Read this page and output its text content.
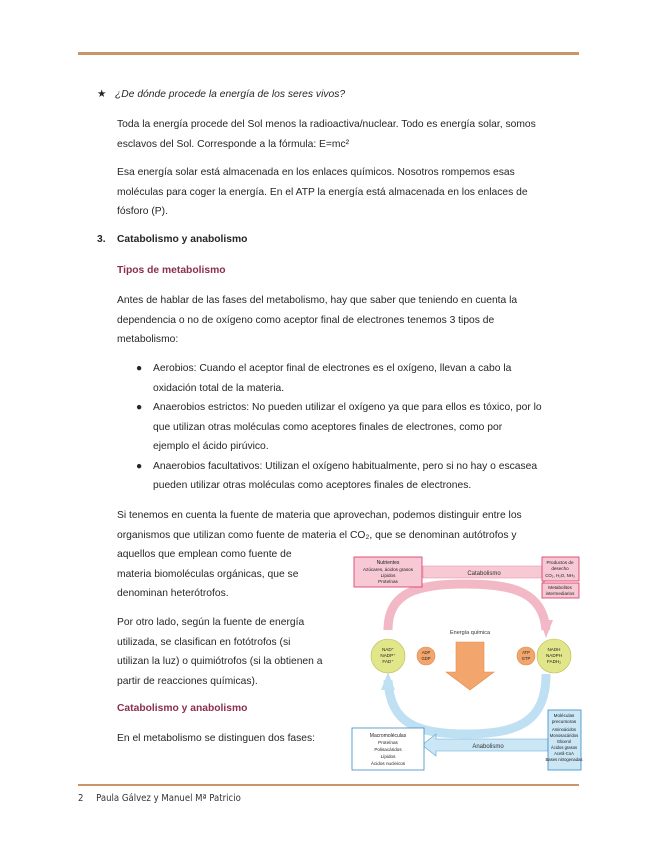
★ ¿De dónde procede la energía de los seres vivos?

Toda la energía procede del Sol menos la radioactiva/nuclear. Todo es energía solar, somos
esclavos del Sol. Corresponde a la fórmula: E=mc²

Esa energía solar está almacenada en los enlaces químicos. Nosotros rompemos esas
moléculas para coger la energía. En el ATP la energía está almacenada en los enlaces de
fósforo (P).

3. Catabolismo y anabolismo
Tipos de metabolismo

Antes de hablar de las fases del metabolismo, hay que saber que teniendo en cuenta la
dependencia o no de oxígeno como aceptor final de electrones tenemos 3 tipos de
metabolismo:

● Aerobios: Cuando el aceptor final de electrones es el oxígeno, llevan a cabo la
oxidación total de la materia.
● Anaerobios estrictos: No pueden utilizar el oxígeno ya que para ellos es tóxico, por lo
que utilizan otras moléculas como aceptores finales de electrones, como por
ejemplo el ácido pirúvico.
● Anaerobios facultativos: Utilizan el oxígeno habitualmente, pero si no hay o escasea
pueden utilizar otras moléculas como aceptores finales de electrones.

Si tenemos en cuenta la fuente de materia que aprovechan, podemos distinguir entre los
organismos que utilizan como fuente de materia el CO₂, que se denominan autótrofos y
aquellos que emplean como fuente de
materia biomoléculas orgánicas, que se
denominan heterótrofos.

Por otro lado, según la fuente de energía
utilizada, se clasifican en fotótrofos (si
utilizan la luz) o quimiótrofos (si la obtienen a
partir de reacciones químicas).

Catabolismo y anabolismo

En el metabolismo se distinguen dos fases:

Catabolismo
Anabolismo
Nutrientes
Azúcares, ácidos grasos
Lípidos
Proteínas
Productos de
desecho
CO₂, H₂O, NH₃
Metabolitos
intermediarios
Energía química
NAD⁺
NADP⁺
FAD⁺
ADP
GDP
ATP
GTP
NADH
NADPH
FADH₂
Macromoléculas
Proteínas
Polisacáridos
Lípidos
Ácidos nucleicos
Moléculas
precursoras
Aminoácidos
Monosacáridos
Glicerol
Ácidos grasos
Acetil-CoA
Bases nitrogenadas
2 Paula Gálvez y Manuel Mª Patricio
